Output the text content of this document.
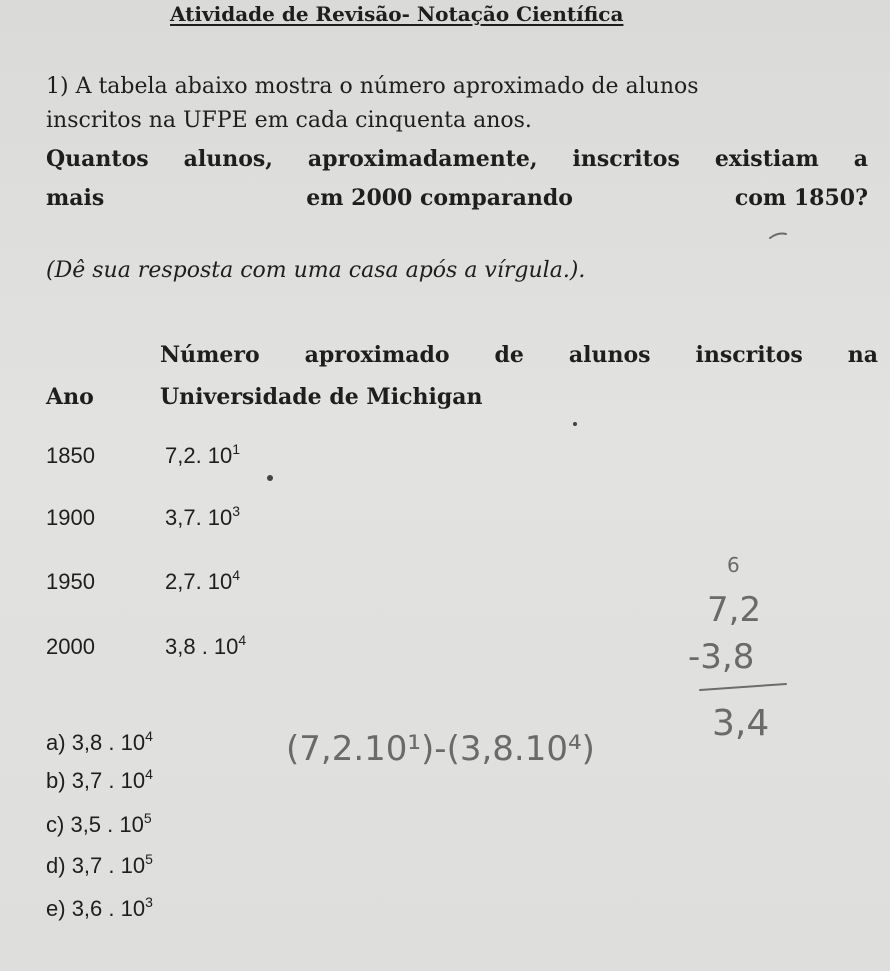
Atividade de Revisão- Notação Científica
1) A tabela abaixo mostra o número aproximado de alunos
inscritos na UFPE em cada cinquenta anos.
Quantos alunos, aproximadamente, inscritos existiam a
mais	em 2000 comparando	com 1850?
(Dê sua resposta com uma casa após a vírgula.).
Número aproximado de alunos inscritos na
Ano	Universidade de Michigan
1850	7,2. $10^1$
1900	3,7. $10^3$
1950	2,7. $10^4$
2000	3,8 . $10^4$
a) 3,8 . $10^4$
b) 3,7 . $10^4$
c) 3,5 . $10^5$
d) 3,7 . $10^5$
e) 3,6 . $10^3$
6
7,2
-3,8
3,4
(7,2.10¹)-(3,8.10⁴)
